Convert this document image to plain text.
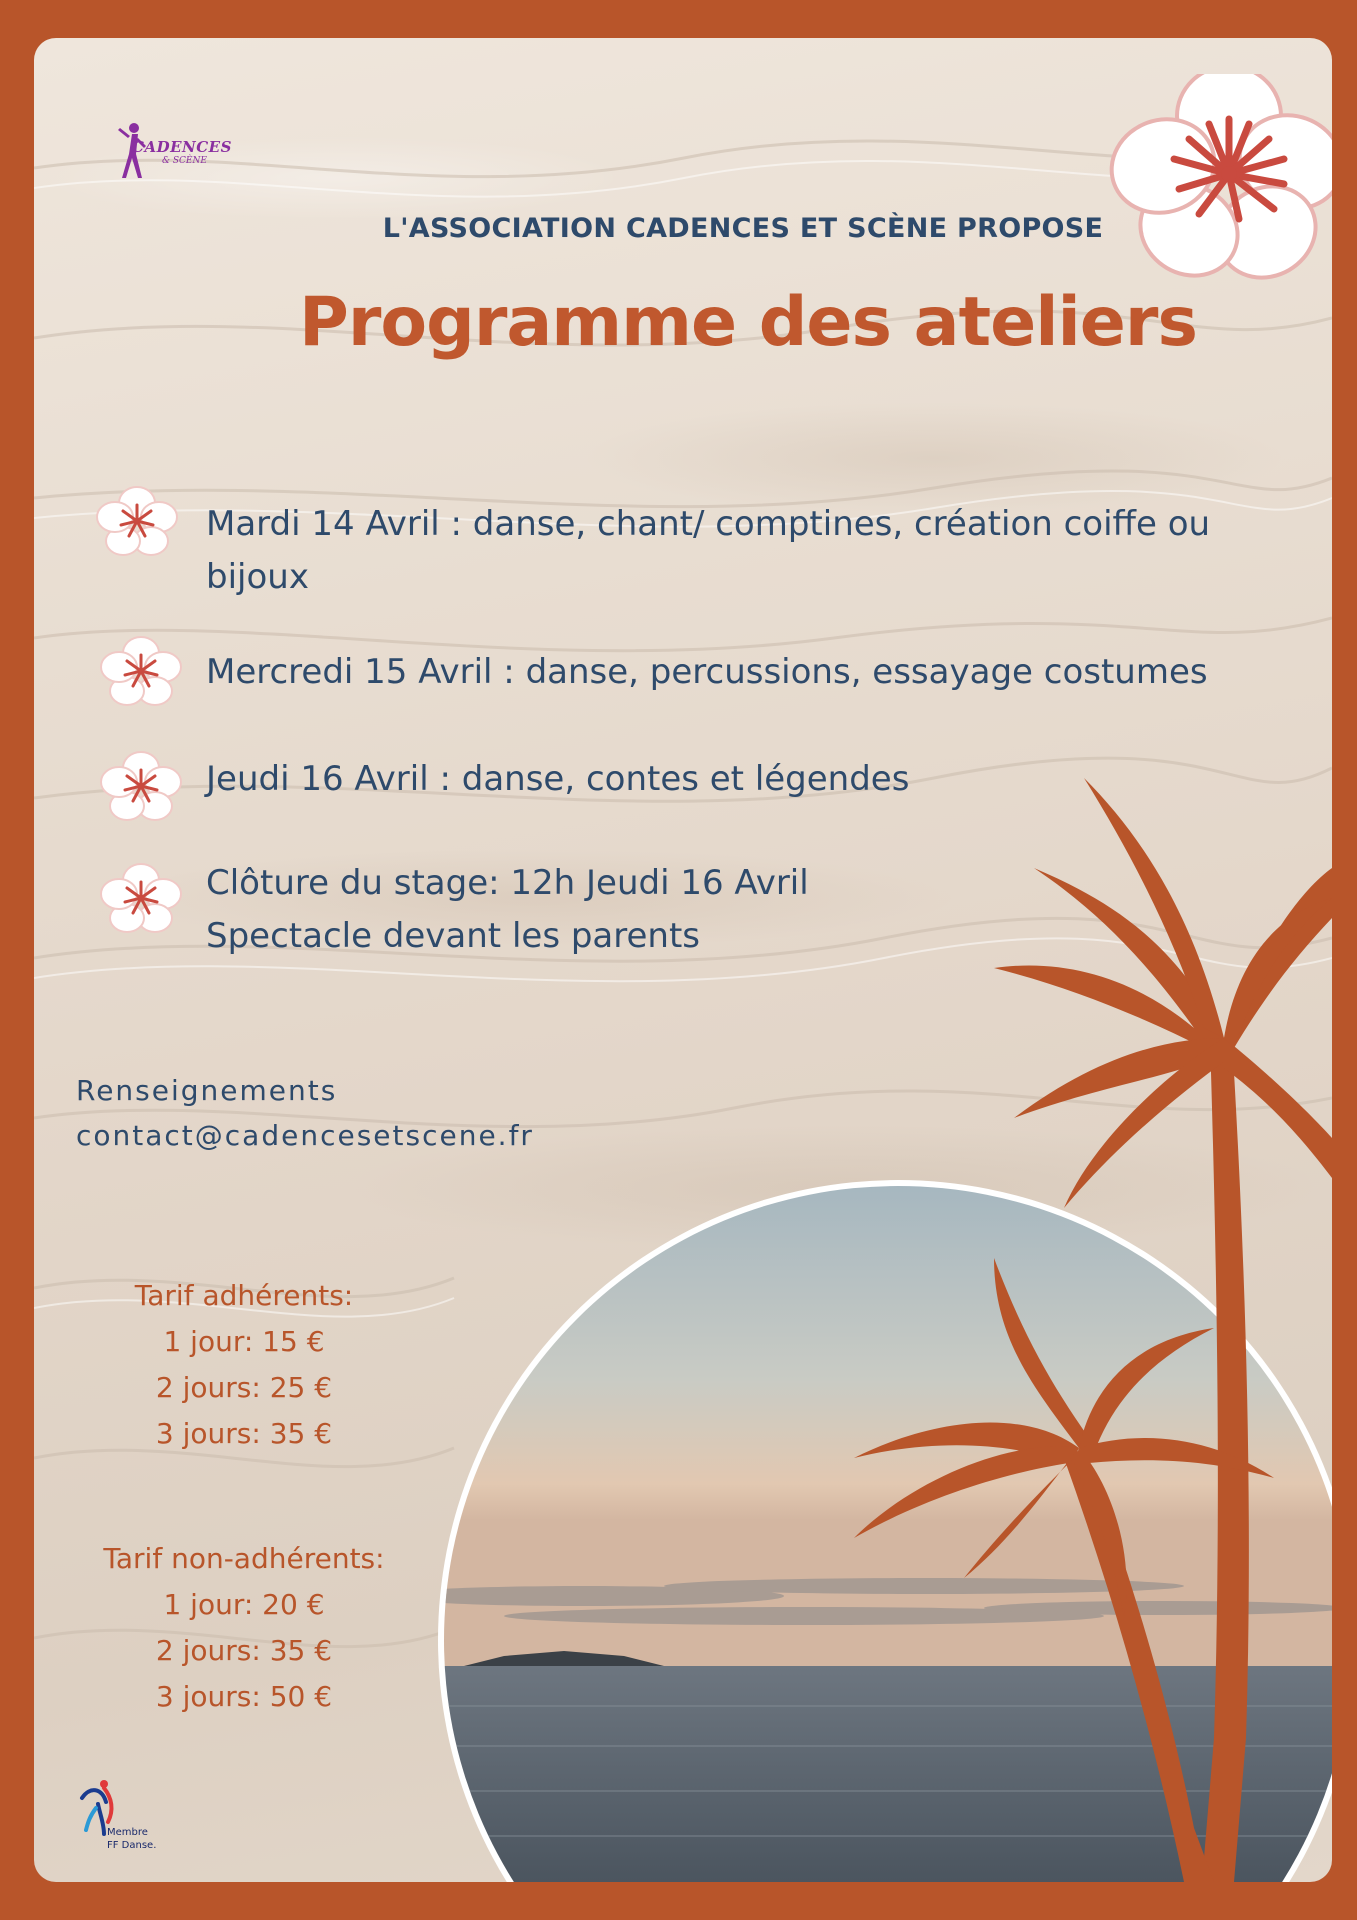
CADENCES
& SCÈNE
L'ASSOCIATION CADENCES ET SCÈNE PROPOSE
Programme des ateliers
Mardi 14 Avril : danse, chant/ comptines, création coiffe ou
bijoux
Mercredi 15 Avril : danse, percussions, essayage costumes
Jeudi 16 Avril : danse, contes et légendes
Clôture du stage: 12h Jeudi 16 Avril
Spectacle devant les parents
Renseignements
contact@cadencesetscene.fr
Tarif adhérents:
1 jour: 15 €
2 jours: 25 €
3 jours: 35 €
Tarif non-adhérents:
1 jour: 20 €
2 jours: 35 €
3 jours: 50 €
Membre
FF Danse.
